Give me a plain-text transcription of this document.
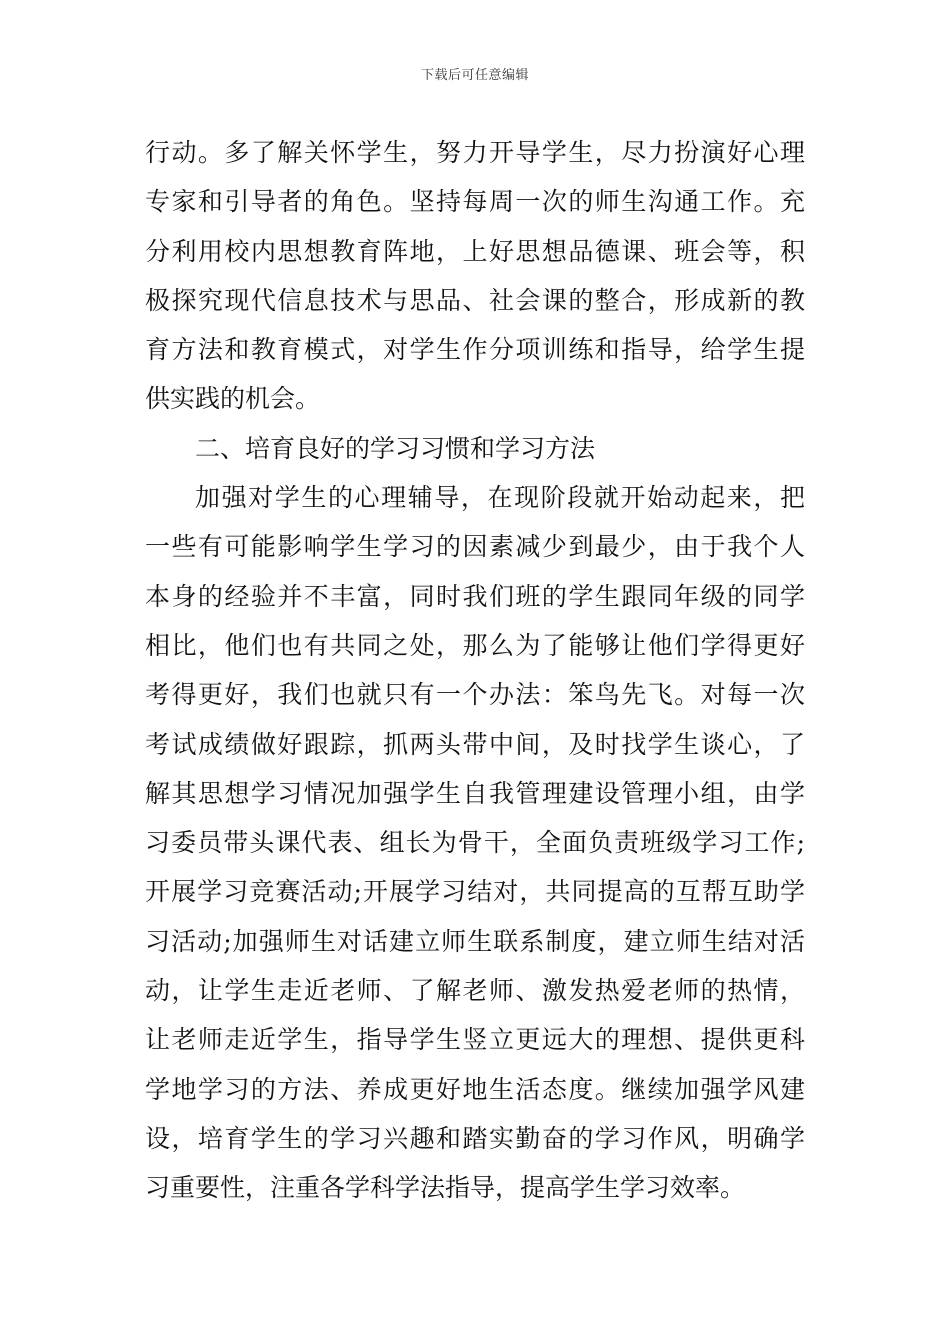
下载后可任意编辑
行动。多了解关怀学生，努力开导学生，尽力扮演好心理
专家和引导者的角色。坚持每周一次的师生沟通工作。充
分利用校内思想教育阵地，上好思想品德课、班会等，积
极探究现代信息技术与思品、社会课的整合，形成新的教
育方法和教育模式，对学生作分项训练和指导，给学生提
供实践的机会。
二、培育良好的学习习惯和学习方法
加强对学生的心理辅导，在现阶段就开始动起来，把
一些有可能影响学生学习的因素减少到最少，由于我个人
本身的经验并不丰富，同时我们班的学生跟同年级的同学
相比，他们也有共同之处，那么为了能够让他们学得更好
考得更好，我们也就只有一个办法：笨鸟先飞。对每一次
考试成绩做好跟踪，抓两头带中间，及时找学生谈心，了
解其思想学习情况加强学生自我管理建设管理小组，由学
习委员带头课代表、组长为骨干，全面负责班级学习工作;
开展学习竞赛活动;开展学习结对，共同提高的互帮互助学
习活动;加强师生对话建立师生联系制度，建立师生结对活
动，让学生走近老师、了解老师、激发热爱老师的热情，
让老师走近学生，指导学生竖立更远大的理想、提供更科
学地学习的方法、养成更好地生活态度。继续加强学风建
设，培育学生的学习兴趣和踏实勤奋的学习作风，明确学
习重要性，注重各学科学法指导，提高学生学习效率。
